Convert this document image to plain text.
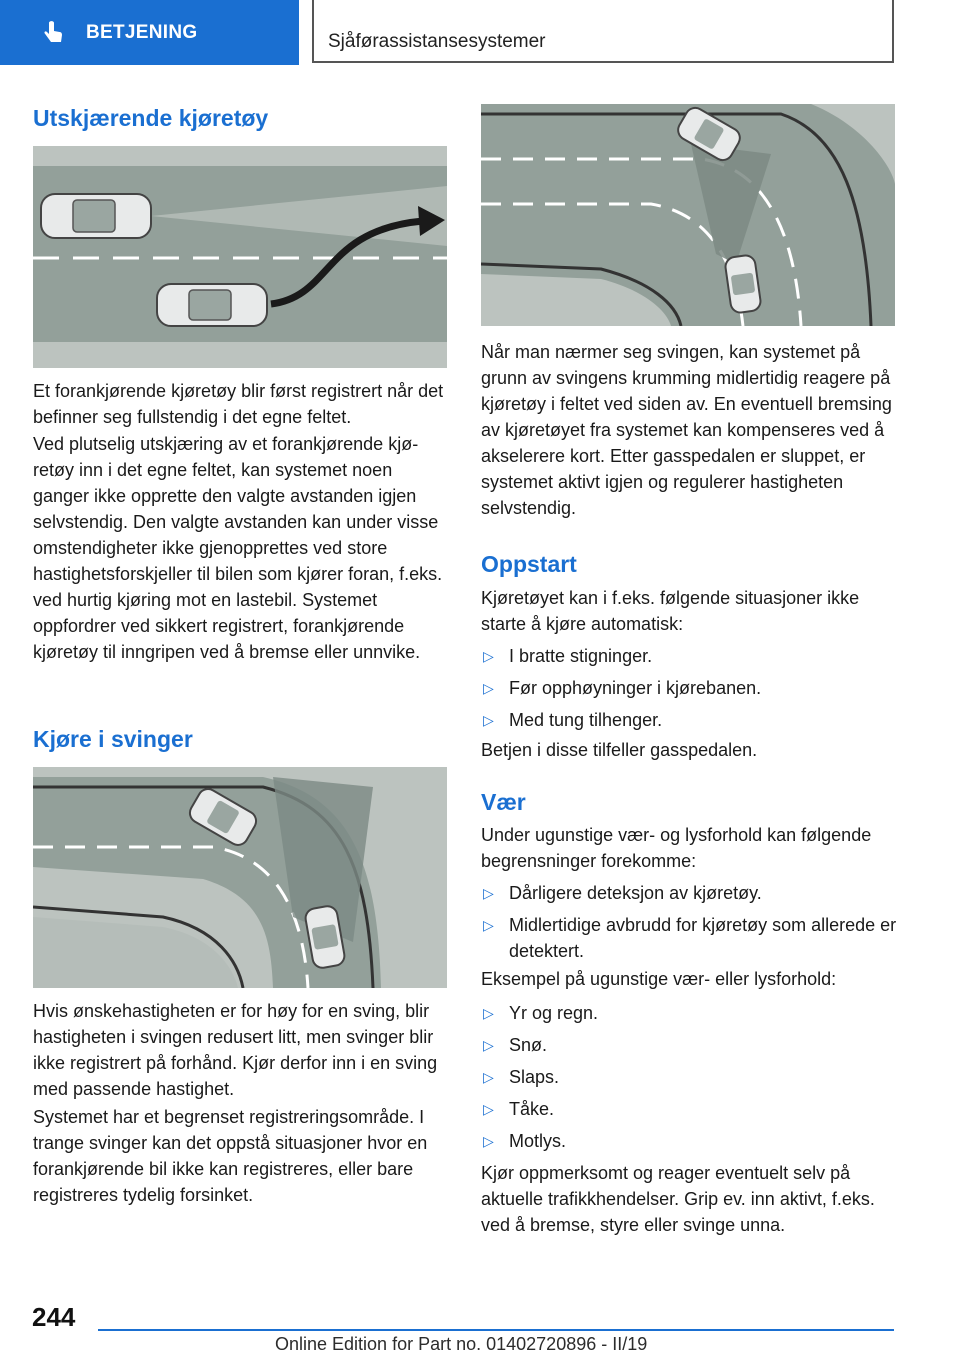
BETJENING	Sjåførassistansesystemer
Utskjærende kjøretøy

Et forankjørende kjøretøy blir først registrert når det befinner seg fullstendig i det egne feltet.

Ved plutselig utskjæring av et forankjørende kjøretøy inn i det egne feltet, kan systemet noen ganger ikke opprette den valgte avstanden igjen selvstendig. Den valgte avstanden kan under visse omstendigheter ikke gjenopprettes ved store hastighetsforskjeller til bilen som kjører foran, f.eks. ved hurtig kjøring mot en lastebil. Systemet oppfordrer ved sikkert registrert, forankjørende kjøretøy til inngripen ved å bremse eller unnvike.

Kjøre i svinger

Hvis ønskehastigheten er for høy for en sving, blir hastigheten i svingen redusert litt, men svinger blir ikke registrert på forhånd. Kjør derfor inn i en sving med passende hastighet.

Systemet har et begrenset registreringsområde. I trange svinger kan det oppstå situasjoner hvor en forankjørende bil ikke kan registreres, eller bare registreres tydelig forsinket.

Når man nærmer seg svingen, kan systemet på grunn av svingens krumming midlertidig reagere på kjøretøy i feltet ved siden av. En eventuell bremsing av kjøretøyet fra systemet kan kompenseres ved å akselerere kort. Etter gasspedalen er sluppet, er systemet aktivt igjen og regulerer hastigheten selvstendig.

Oppstart

Kjøretøyet kan i f.eks. følgende situasjoner ikke starte å kjøre automatisk:

▷ I bratte stigninger.
▷ Før opphøyninger i kjørebanen.
▷ Med tung tilhenger.

Betjen i disse tilfeller gasspedalen.

Vær

Under ugunstige vær- og lysforhold kan følgende begrensninger forekomme:

▷ Dårligere deteksjon av kjøretøy.
▷ Midlertidige avbrudd for kjøretøy som allerede er detektert.

Eksempel på ugunstige vær- eller lysforhold:

▷ Yr og regn.
▷ Snø.
▷ Slaps.
▷ Tåke.
▷ Motlys.

Kjør oppmerksomt og reager eventuelt selv på aktuelle trafikkhendelser. Grip ev. inn aktivt, f.eks. ved å bremse, styre eller svinge unna.

244
Online Edition for Part no. 01402720896 - II/19
